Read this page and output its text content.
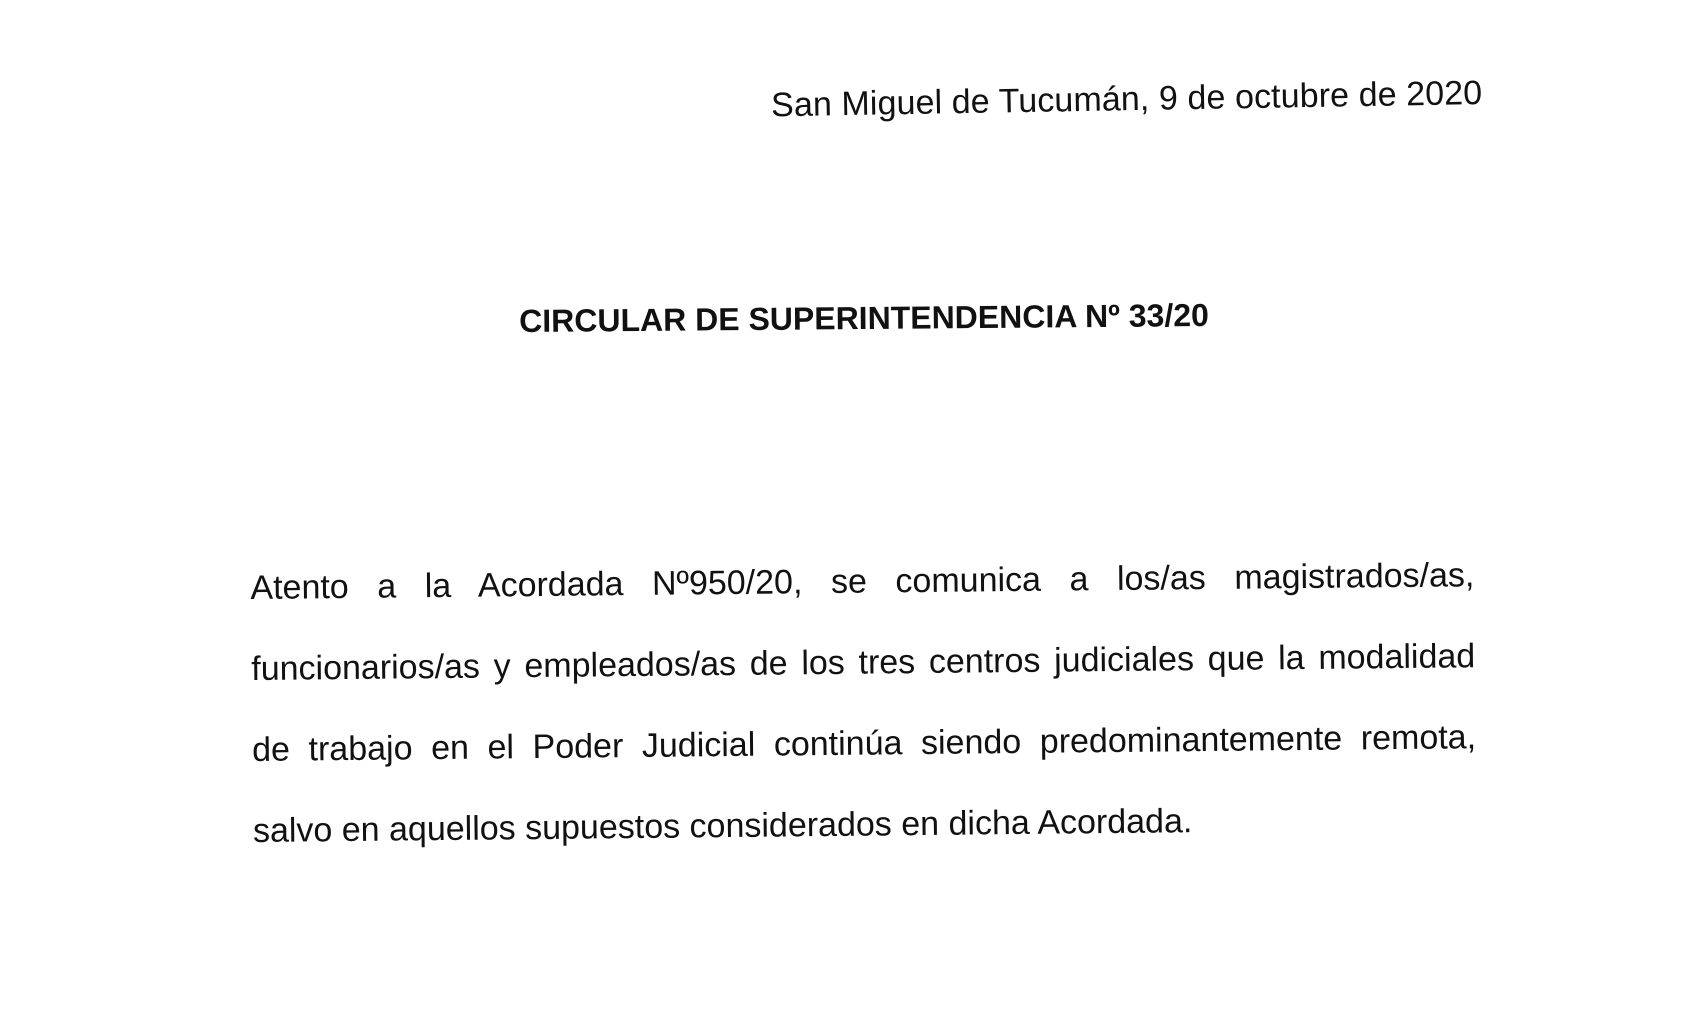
San Miguel de Tucumán, 9 de octubre de 2020
CIRCULAR DE SUPERINTENDENCIA Nº 33/20

Atento a la Acordada Nº950/20, se comunica a los/as magistrados/as, funcionarios/as y empleados/as de los tres centros judiciales que la modalidad de trabajo en el Poder Judicial continúa siendo predominantemente remota, salvo en aquellos supuestos considerados en dicha Acordada.
